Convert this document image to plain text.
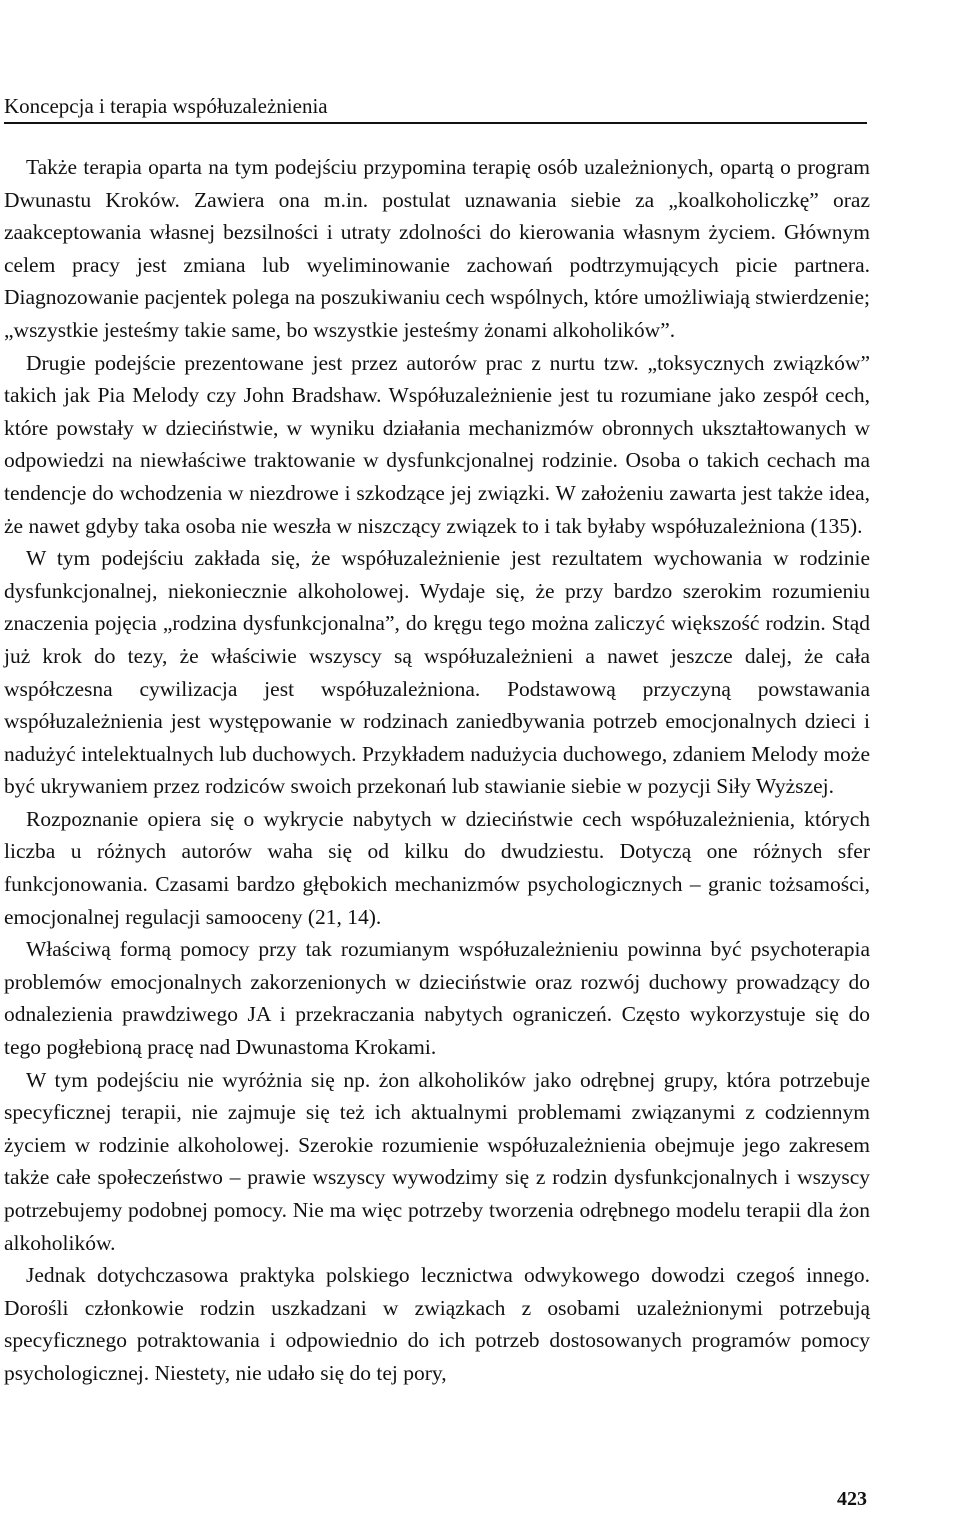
Koncepcja i terapia współuzależnienia

Także terapia oparta na tym podejściu przypomina terapię osób uzależnionych, opartą o program Dwunastu Kroków. Zawiera ona m.in. postulat uznawania siebie za „koalkoholiczkę” oraz zaakceptowania własnej bezsilności i utraty zdolności do kierowania własnym życiem. Głównym celem pracy jest zmiana lub wyeliminowanie zachowań podtrzymujących picie partnera. Diagnozowanie pacjentek polega na poszukiwaniu cech wspólnych, które umożliwiają stwierdzenie; „wszystkie jesteśmy takie same, bo wszystkie jesteśmy żonami alkoholików”.

Drugie podejście prezentowane jest przez autorów prac z nurtu tzw. „toksycznych związków” takich jak Pia Melody czy John Bradshaw. Współuzależnienie jest tu rozumiane jako zespół cech, które powstały w dzieciństwie, w wyniku działania mechanizmów obronnych ukształtowanych w odpowiedzi na niewłaściwe traktowanie w dysfunkcjonalnej rodzinie. Osoba o takich cechach ma tendencje do wchodzenia w niezdrowe i szkodzące jej związki. W założeniu zawarta jest także idea, że nawet gdyby taka osoba nie weszła w niszczący związek to i tak byłaby współuzależniona (135).

W tym podejściu zakłada się, że współuzależnienie jest rezultatem wychowania w rodzinie dysfunkcjonalnej, niekoniecznie alkoholowej. Wydaje się, że przy bardzo szerokim rozumieniu znaczenia pojęcia „rodzina dysfunkcjonalna”, do kręgu tego można zaliczyć większość rodzin. Stąd już krok do tezy, że właściwie wszyscy są współuzależnieni a nawet jeszcze dalej, że cała współczesna cywilizacja jest współuzależniona. Podstawową przyczyną powstawania współuzależnienia jest występowanie w rodzinach zaniedbywania potrzeb emocjonalnych dzieci i nadużyć intelektualnych lub duchowych. Przykładem nadużycia duchowego, zdaniem Melody może być ukrywaniem przez rodziców swoich przekonań lub stawianie siebie w pozycji Siły Wyższej.

Rozpoznanie opiera się o wykrycie nabytych w dzieciństwie cech współuzależnienia, których liczba u różnych autorów waha się od kilku do dwudziestu. Dotyczą one różnych sfer funkcjonowania. Czasami bardzo głębokich mechanizmów psychologicznych – granic tożsamości, emocjonalnej regulacji samooceny (21, 14).

Właściwą formą pomocy przy tak rozumianym współuzależnieniu powinna być psychoterapia problemów emocjonalnych zakorzenionych w dzieciństwie oraz rozwój duchowy prowadzący do odnalezienia prawdziwego JA i przekraczania nabytych ograniczeń. Często wykorzystuje się do tego pogłebioną pracę nad Dwunastoma Krokami.

W tym podejściu nie wyróżnia się np. żon alkoholików jako odrębnej grupy, która potrzebuje specyficznej terapii, nie zajmuje się też ich aktualnymi problemami związanymi z codziennym życiem w rodzinie alkoholowej. Szerokie rozumienie współuzależnienia obejmuje jego zakresem także całe społeczeństwo – prawie wszyscy wywodzimy się z rodzin dysfunkcjonalnych i wszyscy potrzebujemy podobnej pomocy. Nie ma więc potrzeby tworzenia odrębnego modelu terapii dla żon alkoholików.

Jednak dotychczasowa praktyka polskiego lecznictwa odwykowego dowodzi czegoś innego. Dorośli członkowie rodzin uszkadzani w związkach z osobami uzależnionymi potrzebują specyficznego potraktowania i odpowiednio do ich potrzeb dostosowanych programów pomocy psychologicznej. Niestety, nie udało się do tej pory,

423
